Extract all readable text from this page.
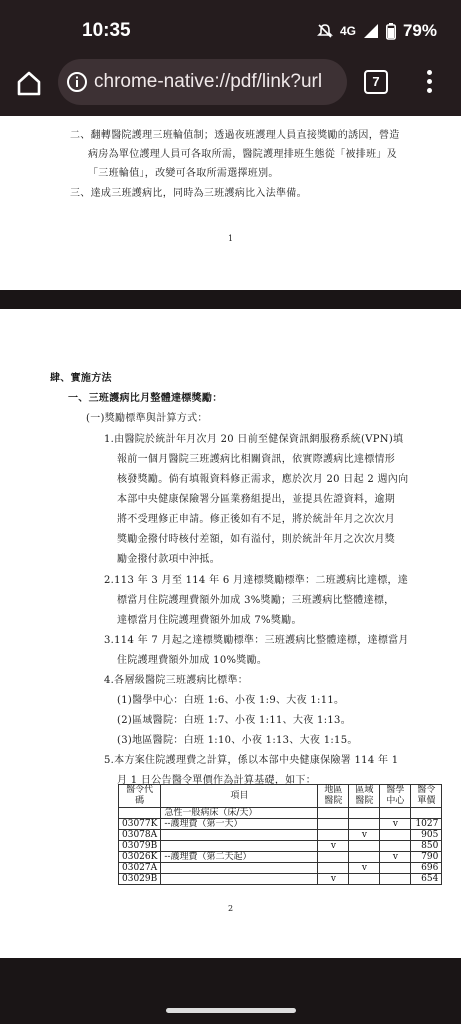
10:35	4G	79%
chrome-native://pdf/link?url	7
二、翻轉醫院護理三班輪值制；透過夜班護理人員直接獎勵的誘因，營造
病房為單位護理人員可各取所需，醫院護理排班生態從「被排班」及
「三班輪值」，改變可各取所需選擇班別。
三、達成三班護病比，同時為三班護病比入法準備。
1
肆、實施方法
一、三班護病比月整體達標獎勵：
(一)獎勵標準與計算方式：
1.由醫院於統計年月次月 20 日前至健保資訊網服務系統(VPN)填
報前一個月醫院三班護病比相關資訊，依實際護病比達標情形
核發獎勵。倘有填報資料修正需求，應於次月 20 日起 2 週內向
本部中央健康保險署分區業務組提出，並提具佐證資料，逾期
將不受理修正申請。修正後如有不足，將於統計年月之次次月
獎勵金撥付時核付差額，如有溢付，則於統計年月之次次月獎
勵金撥付款項中沖抵。
2.113 年 3 月至 114 年 6 月達標獎勵標準：二班護病比達標，達
標當月住院護理費額外加成 3%獎勵；三班護病比整體達標，
達標當月住院護理費額外加成 7%獎勵。
3.114 年 7 月起之達標獎勵標準：三班護病比整體達標，達標當月
住院護理費額外加成 10%獎勵。
4.各層級醫院三班護病比標準：
(1)醫學中心：白班 1:6、小夜 1:9、大夜 1:11。
(2)區域醫院：白班 1:7、小夜 1:11、大夜 1:13。
(3)地區醫院：白班 1:10、小夜 1:13、大夜 1:15。
5.本方案住院護理費之計算，係以本部中央健康保險署 114 年 1
月 1 日公告醫令單價作為計算基礎，如下：
醫令代碼	項目	地區醫院	區域醫院	醫學中心	醫令單價
	急性一般病床（床/天）				
03077K	--護理費（第一天）			v	1027
03078A			v		905
03079B		v			850
03026K	--護理費（第二天起）			v	790
03027A			v		696
03029B		v			654
2
